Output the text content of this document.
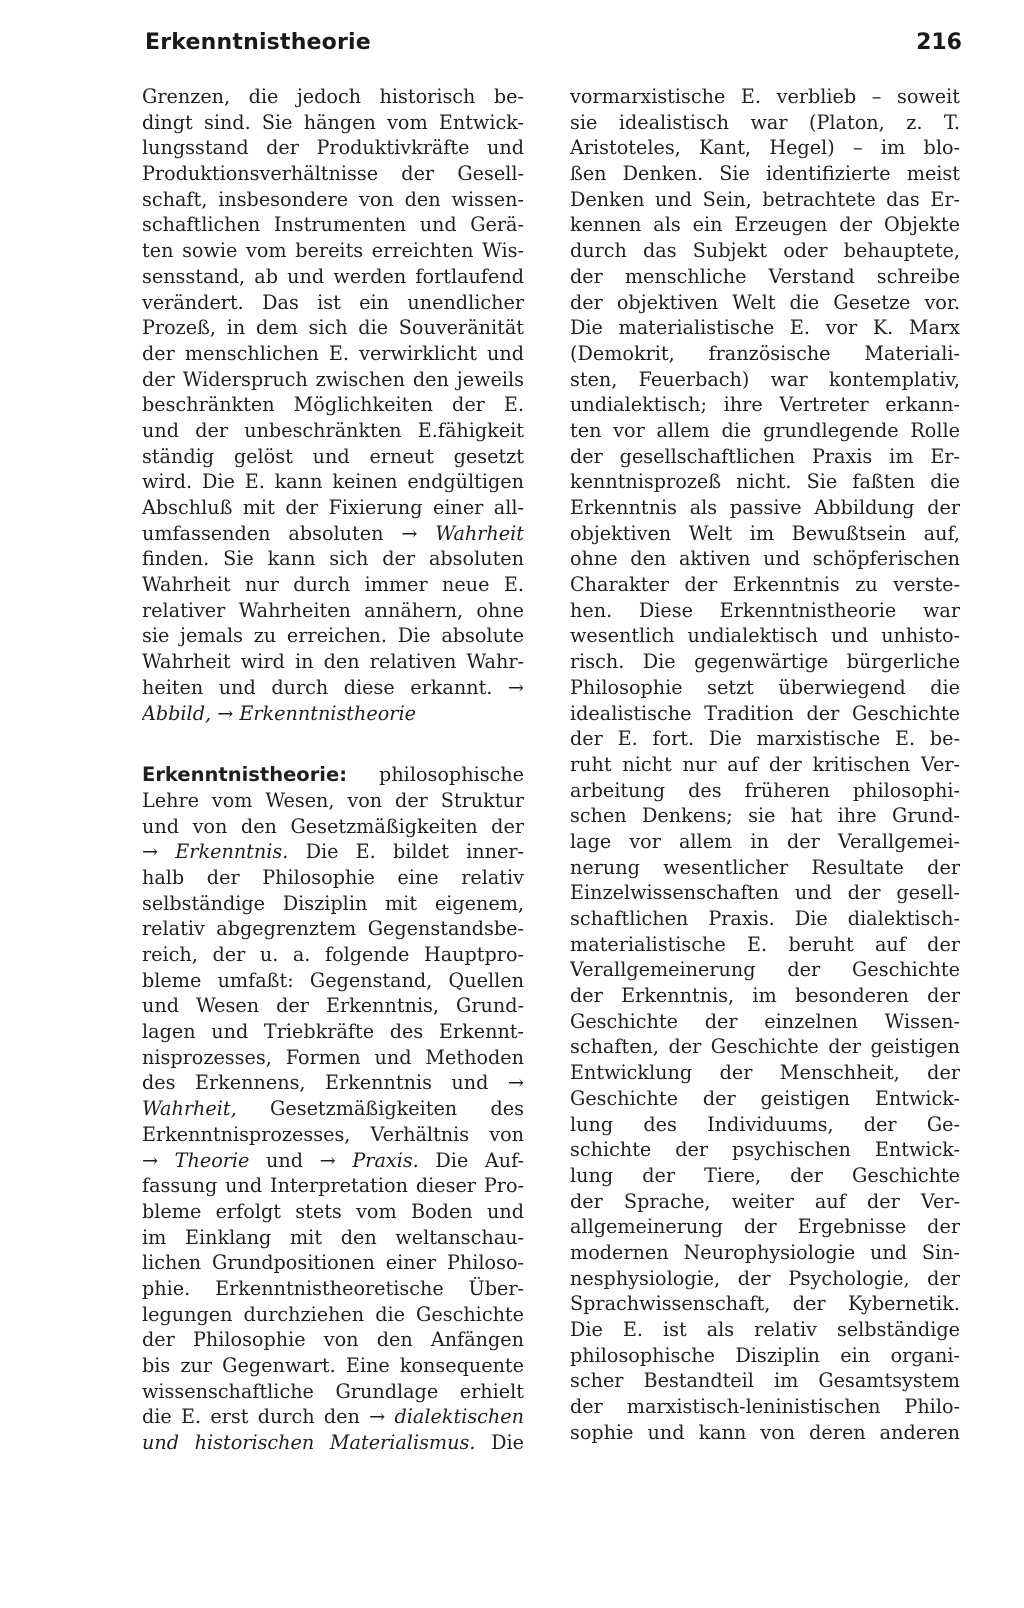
Erkenntnistheorie	216
Grenzen, die jedoch historisch be-
dingt sind. Sie hängen vom Entwick-
lungsstand der Produktivkräfte und
Produktionsverhältnisse der Gesell-
schaft, insbesondere von den wissen-
schaftlichen Instrumenten und Gerä-
ten sowie vom bereits erreichten Wis-
sensstand, ab und werden fortlaufend
verändert. Das ist ein unendlicher
Prozeß, in dem sich die Souveränität
der menschlichen E. verwirklicht und
der Widerspruch zwischen den jeweils
beschränkten Möglichkeiten der E.
und der unbeschränkten E.fähigkeit
ständig gelöst und erneut gesetzt
wird. Die E. kann keinen endgültigen
Abschluß mit der Fixierung einer all-
umfassenden absoluten → Wahrheit
finden. Sie kann sich der absoluten
Wahrheit nur durch immer neue E.
relativer Wahrheiten annähern, ohne
sie jemals zu erreichen. Die absolute
Wahrheit wird in den relativen Wahr-
heiten und durch diese erkannt. →
Abbild, → Erkenntnistheorie
Erkenntnistheorie: philosophische
Lehre vom Wesen, von der Struktur
und von den Gesetzmäßigkeiten der
→ Erkenntnis. Die E. bildet inner-
halb der Philosophie eine relativ
selbständige Disziplin mit eigenem,
relativ abgegrenztem Gegenstandsbe-
reich, der u. a. folgende Hauptpro-
bleme umfaßt: Gegenstand, Quellen
und Wesen der Erkenntnis, Grund-
lagen und Triebkräfte des Erkennt-
nisprozesses, Formen und Methoden
des Erkennens, Erkenntnis und →
Wahrheit, Gesetzmäßigkeiten des
Erkenntnisprozesses, Verhältnis von
→ Theorie und → Praxis. Die Auf-
fassung und Interpretation dieser Pro-
bleme erfolgt stets vom Boden und
im Einklang mit den weltanschau-
lichen Grundpositionen einer Philoso-
phie. Erkenntnistheoretische Über-
legungen durchziehen die Geschichte
der Philosophie von den Anfängen
bis zur Gegenwart. Eine konsequente
wissenschaftliche Grundlage erhielt
die E. erst durch den → dialektischen
und historischen Materialismus. Die
vormarxistische E. verblieb – soweit
sie idealistisch war (Platon, z. T.
Aristoteles, Kant, Hegel) – im blo-
ßen Denken. Sie identifizierte meist
Denken und Sein, betrachtete das Er-
kennen als ein Erzeugen der Objekte
durch das Subjekt oder behauptete,
der menschliche Verstand schreibe
der objektiven Welt die Gesetze vor.
Die materialistische E. vor K. Marx
(Demokrit, französische Materiali-
sten, Feuerbach) war kontemplativ,
undialektisch; ihre Vertreter erkann-
ten vor allem die grundlegende Rolle
der gesellschaftlichen Praxis im Er-
kenntnisprozeß nicht. Sie faßten die
Erkenntnis als passive Abbildung der
objektiven Welt im Bewußtsein auf,
ohne den aktiven und schöpferischen
Charakter der Erkenntnis zu verste-
hen. Diese Erkenntnistheorie war
wesentlich undialektisch und unhisto-
risch. Die gegenwärtige bürgerliche
Philosophie setzt überwiegend die
idealistische Tradition der Geschichte
der E. fort. Die marxistische E. be-
ruht nicht nur auf der kritischen Ver-
arbeitung des früheren philosophi-
schen Denkens; sie hat ihre Grund-
lage vor allem in der Verallgemei-
nerung wesentlicher Resultate der
Einzelwissenschaften und der gesell-
schaftlichen Praxis. Die dialektisch-
materialistische E. beruht auf der
Verallgemeinerung der Geschichte
der Erkenntnis, im besonderen der
Geschichte der einzelnen Wissen-
schaften, der Geschichte der geistigen
Entwicklung der Menschheit, der
Geschichte der geistigen Entwick-
lung des Individuums, der Ge-
schichte der psychischen Entwick-
lung der Tiere, der Geschichte
der Sprache, weiter auf der Ver-
allgemeinerung der Ergebnisse der
modernen Neurophysiologie und Sin-
nesphysiologie, der Psychologie, der
Sprachwissenschaft, der Kybernetik.
Die E. ist als relativ selbständige
philosophische Disziplin ein organi-
scher Bestandteil im Gesamtsystem
der marxistisch-leninistischen Philo-
sophie und kann von deren anderen
